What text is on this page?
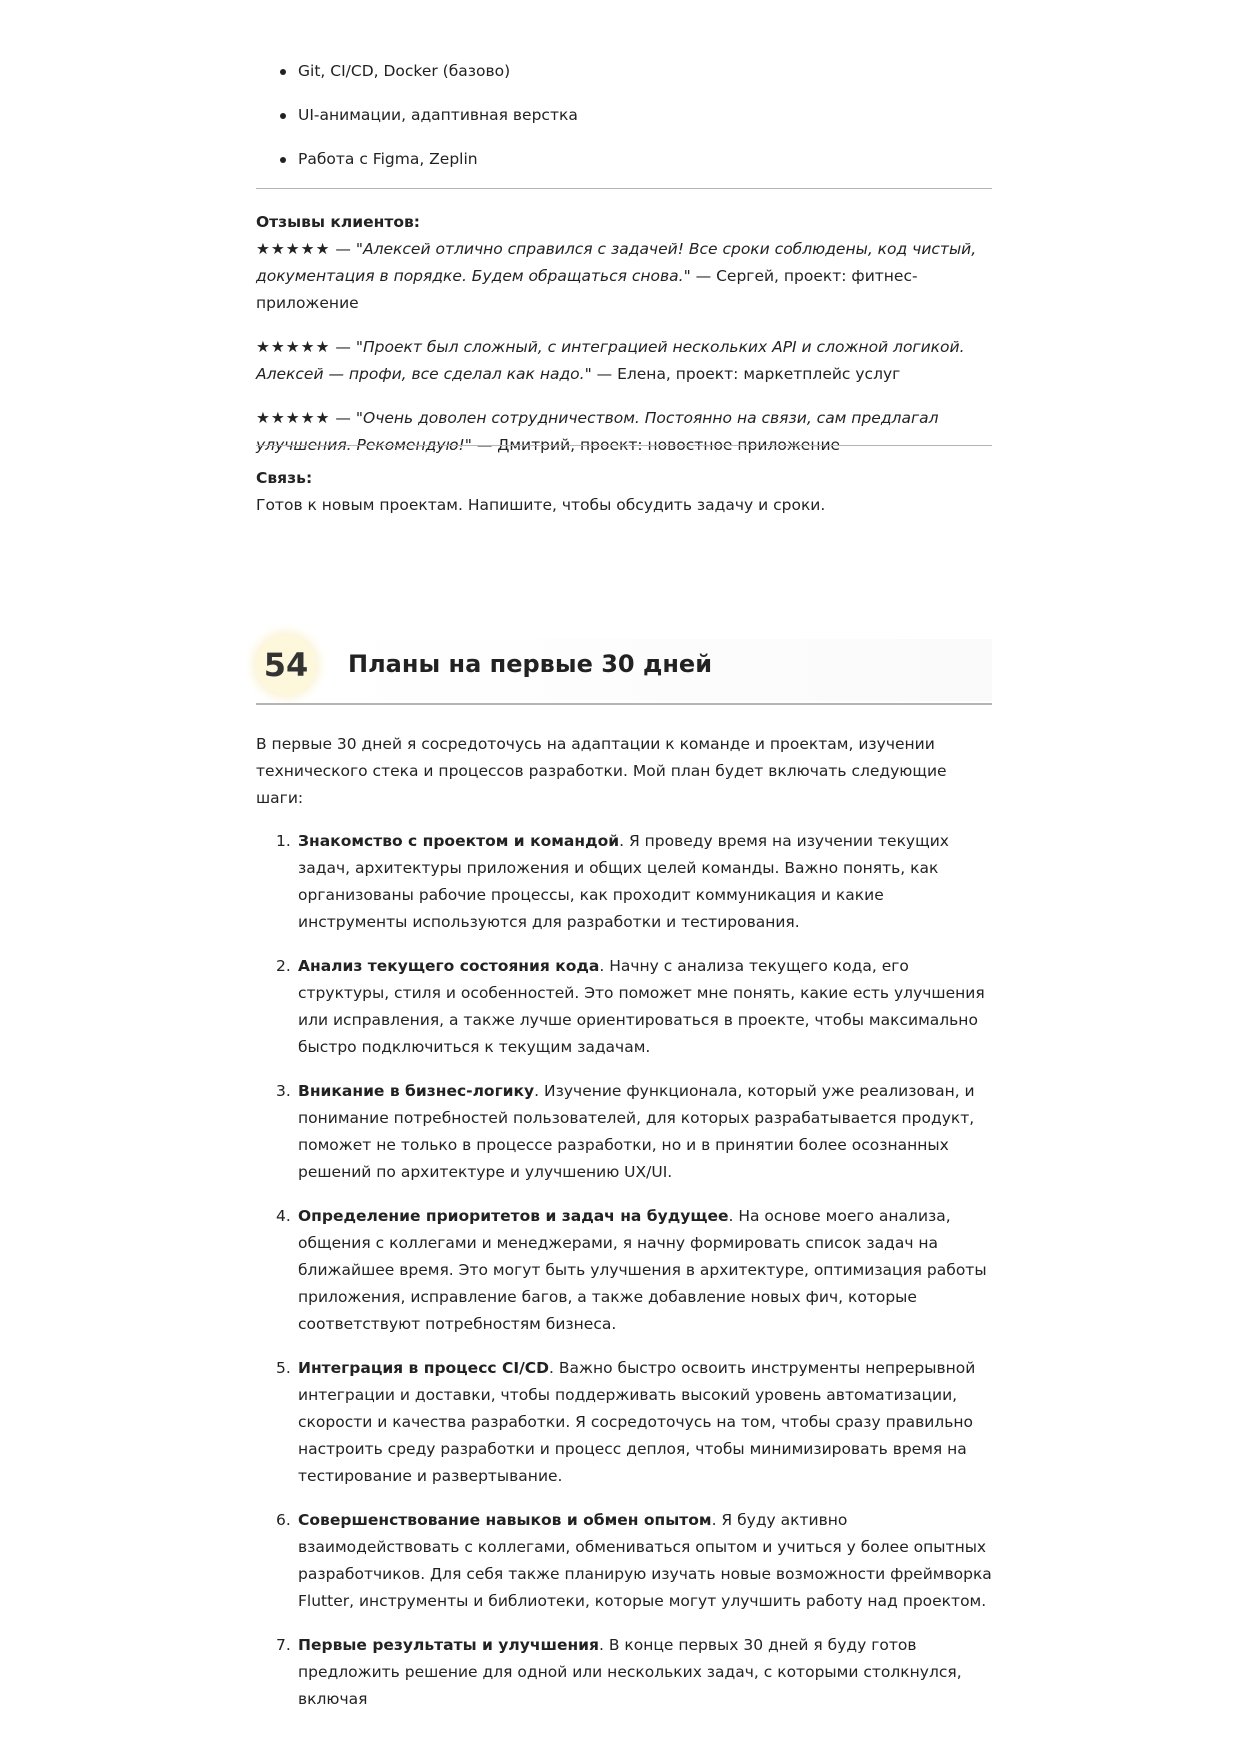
Git, CI/CD, Docker (базово)
UI-анимации, адаптивная верстка
Работа с Figma, Zeplin

Отзывы клиентов:

★★★★★ — "Алексей отлично справился с задачей! Все сроки соблюдены, код чистый, документация в порядке. Будем обращаться снова." — Сергей, проект: фитнес-приложение

★★★★★ — "Проект был сложный, с интеграцией нескольких API и сложной логикой. Алексей — профи, все сделал как надо." — Елена, проект: маркетплейс услуг

★★★★★ — "Очень доволен сотрудничеством. Постоянно на связи, сам предлагал улучшения. Рекомендую!" — Дмитрий, проект: новостное приложение

Связь:

Готов к новым проектам. Напишите, чтобы обсудить задачу и сроки.

54	Планы на первые 30 дней

В первые 30 дней я сосредоточусь на адаптации к команде и проектам, изучении технического стека и процессов разработки. Мой план будет включать следующие шаги:

1. Знакомство с проектом и командой. Я проведу время на изучении текущих задач, архитектуры приложения и общих целей команды. Важно понять, как организованы рабочие процессы, как проходит коммуникация и какие инструменты используются для разработки и тестирования.
2. Анализ текущего состояния кода. Начну с анализа текущего кода, его структуры, стиля и особенностей. Это поможет мне понять, какие есть улучшения или исправления, а также лучше ориентироваться в проекте, чтобы максимально быстро подключиться к текущим задачам.
3. Вникание в бизнес-логику. Изучение функционала, который уже реализован, и понимание потребностей пользователей, для которых разрабатывается продукт, поможет не только в процессе разработки, но и в принятии более осознанных решений по архитектуре и улучшению UX/UI.
4. Определение приоритетов и задач на будущее. На основе моего анализа, общения с коллегами и менеджерами, я начну формировать список задач на ближайшее время. Это могут быть улучшения в архитектуре, оптимизация работы приложения, исправление багов, а также добавление новых фич, которые соответствуют потребностям бизнеса.
5. Интеграция в процесс CI/CD. Важно быстро освоить инструменты непрерывной интеграции и доставки, чтобы поддерживать высокий уровень автоматизации, скорости и качества разработки. Я сосредоточусь на том, чтобы сразу правильно настроить среду разработки и процесс деплоя, чтобы минимизировать время на тестирование и развертывание.
6. Совершенствование навыков и обмен опытом. Я буду активно взаимодействовать с коллегами, обмениваться опытом и учиться у более опытных разработчиков. Для себя также планирую изучать новые возможности фреймворка Flutter, инструменты и библиотеки, которые могут улучшить работу над проектом.
7. Первые результаты и улучшения. В конце первых 30 дней я буду готов предложить решение для одной или нескольких задач, с которыми столкнулся, включая
